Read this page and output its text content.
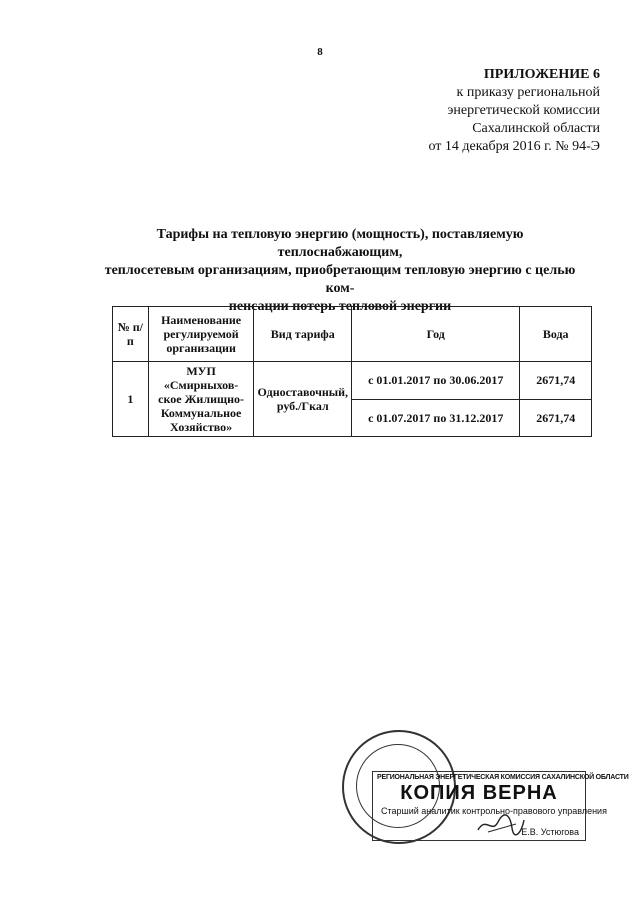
8
ПРИЛОЖЕНИЕ 6
к приказу региональной
энергетической комиссии
Сахалинской области
от 14 декабря 2016 г. № 94-Э
Тарифы на тепловую энергию (мощность), поставляемую теплоснабжающим,
теплосетевым организациям, приобретающим тепловую энергию с целью ком-
пенсации потерь тепловой энергии
№ п/п	Наименование регулируемой организации	Вид тарифа	Год	Вода
1	МУП «Смирныхов-ское Жилищно-Коммунальное Хозяйство»	Одноставочный, руб./Гкал	с 01.01.2017 по 30.06.2017	2671,74
			с 01.07.2017 по 31.12.2017	2671,74
РЕГИОНАЛЬНАЯ ЭНЕРГЕТИЧЕСКАЯ КОМИССИЯ САХАЛИНСКОЙ ОБЛАСТИ
КОПИЯ ВЕРНА
Старший аналитик контрольно-правового управления
Е.В. Устюгова
